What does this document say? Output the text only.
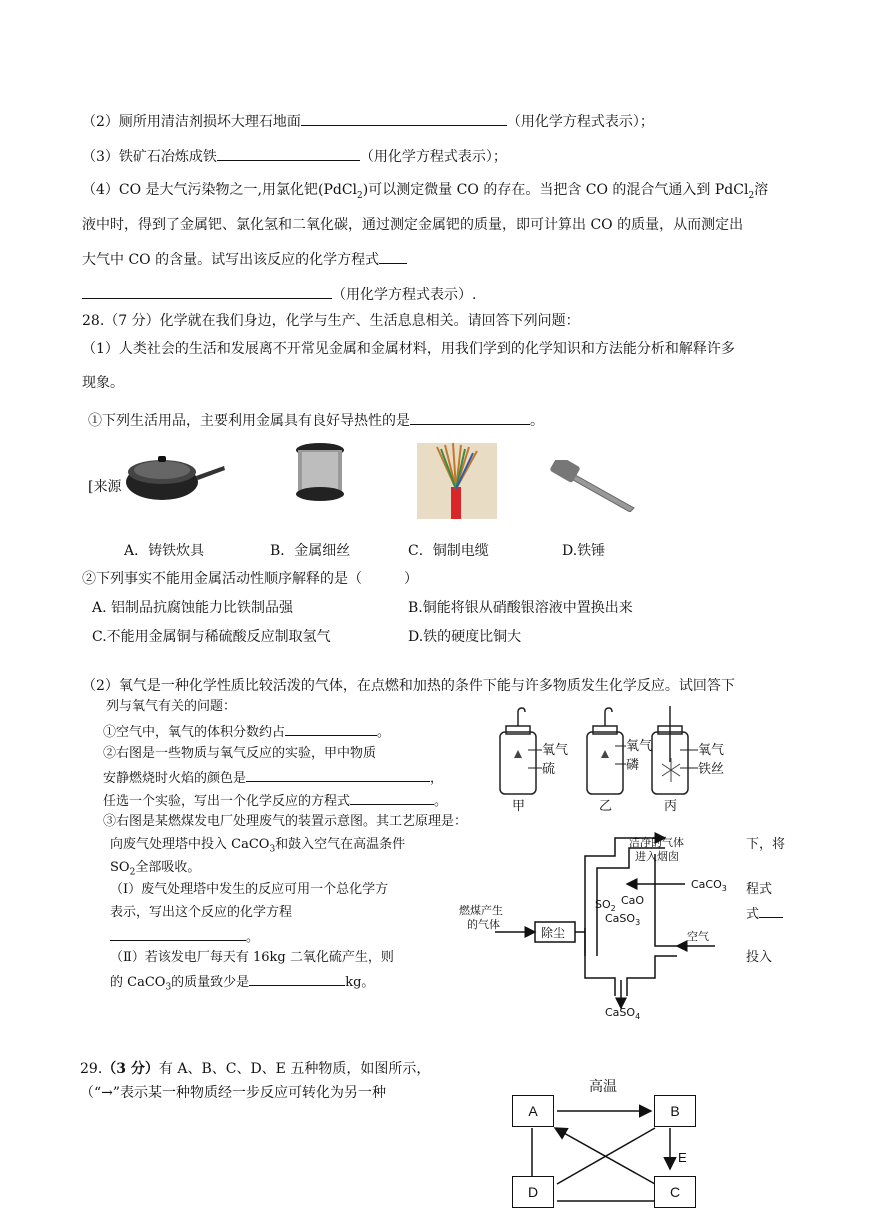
（2）厕所用清洁剂损坏大理石地面	（用化学方程式表示）；
（3）铁矿石冶炼成铁	（用化学方程式表示）；
（4）CO 是大气污染物之一,用氯化钯(PdCl$_2$)可以测定微量 CO 的存在。当把含 CO 的混合气通入到 PdCl$_2$溶
液中时，得到了金属钯、氯化氢和二氧化碳，通过测定金属钯的质量，即可计算出 CO 的质量，从而测定出
大气中 CO 的含量。试写出该反应的化学方程式
（用化学方程式表示）.
28.（7 分）化学就在我们身边，化学与生产、生活息息相关。请回答下列问题：
（1）人类社会的生活和发展离不开常见金属和金属材料，用我们学到的化学知识和方法能分析和解释许多
现象。
①下列生活用品，主要利用金属具有良好导热性的是	。
[来源
A．铸铁炊具	B．金属细丝	C．铜制电缆	D.铁锤
②下列事实不能用金属活动性顺序解释的是（　　　）
A. 铝制品抗腐蚀能力比铁制品强	B.铜能将银从硝酸银溶液中置换出来
C.不能用金属铜与稀硫酸反应制取氢气	D.铁的硬度比铜大
（2）氧气是一种化学性质比较活泼的气体，在点燃和加热的条件下能与许多物质发生化学反应。试回答下
列与氧气有关的问题：
①空气中，氧气的体积分数约占	。
②右图是一些物质与氧气反应的实验，甲中物质
安静燃烧时火焰的颜色是	，
任选一个实验，写出一个化学反应的方程式	。
③右图是某燃煤发电厂处理废气的装置示意图。其工艺原理是：
向废气处理塔中投入 CaCO$_3$和鼓入空气在高温条件	下，将
$SO_2$全部吸收。
（Ⅰ）废气处理塔中发生的反应可用一个总化学方	程式
表示，写出这个反应的化学方程	式
。
（Ⅱ）若该发电厂每天有 16kg 二氧化硫产生，则	投入
的 CaCO$_3$的质量致少是	kg。
氧气
硫
氧气
磷
氧气
铁丝
甲	乙	丙
洁净的气体
进入烟囱
燃煤产生
的气体
除尘
CaCO$_3$
空气
$SO_2$
CaO
CaSO$_3$
CaSO$_4$
29.（3 分）有 A、B、C、D、E 五种物质，如图所示，
（“→”表示某一种物质经一步反应可转化为另一种
A	B
D	C
高温
E
